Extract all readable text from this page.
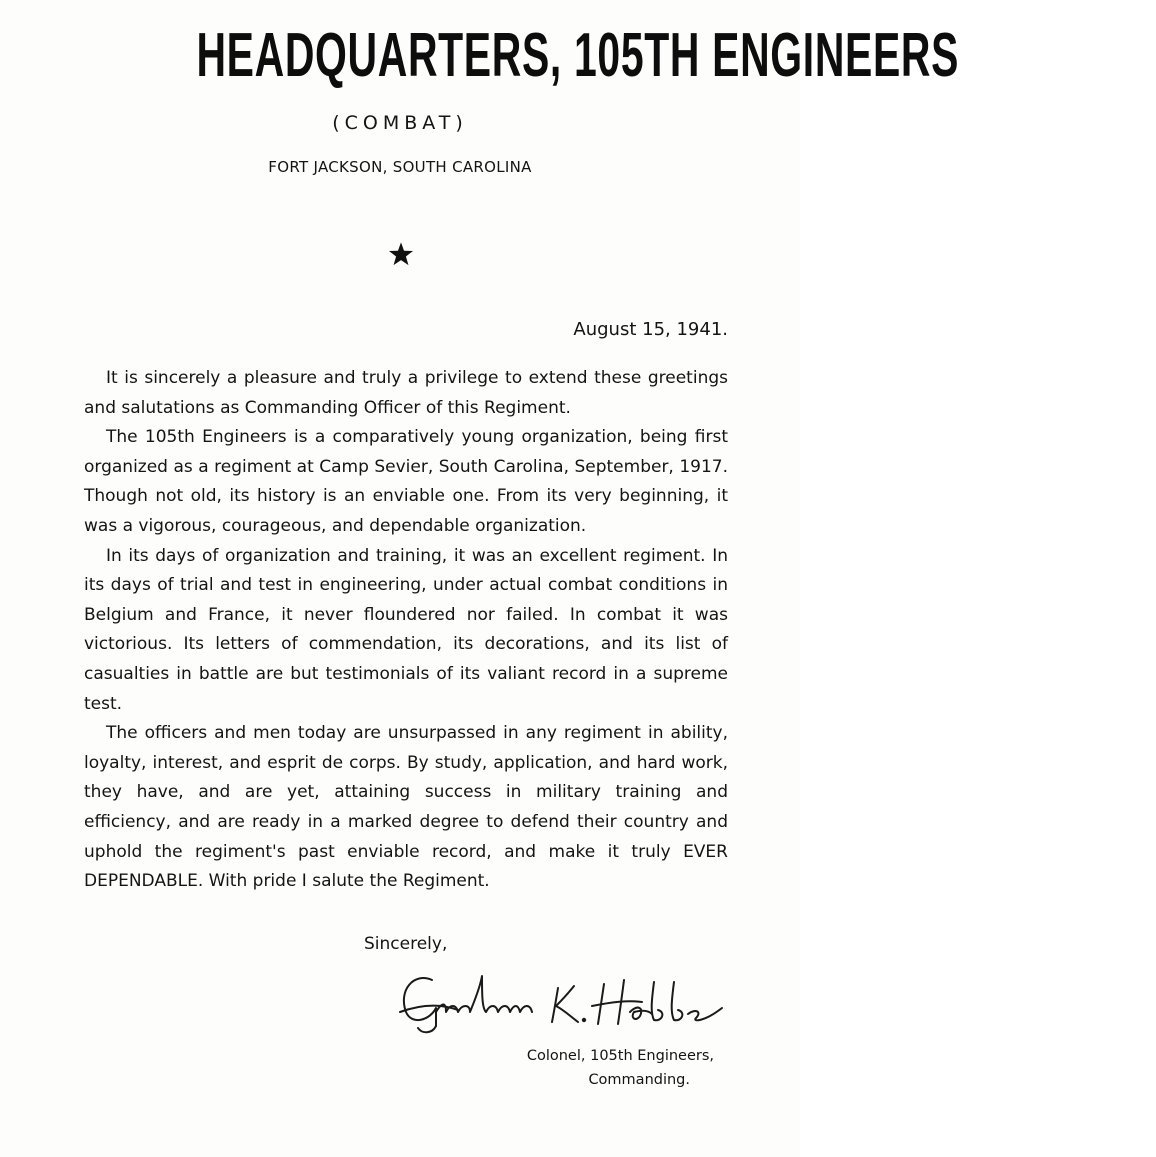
HEADQUARTERS, 105TH ENGINEERS
(COMBAT)
FORT JACKSON, SOUTH CAROLINA
August 15, 1941.

It is sincerely a pleasure and truly a privilege to extend these greetings and salutations as Commanding Officer of this Regiment.

The 105th Engineers is a comparatively young organization, being first organized as a regiment at Camp Sevier, South Carolina, September, 1917. Though not old, its history is an enviable one. From its very beginning, it was a vigorous, courageous, and dependable organization.

In its days of organization and training, it was an excellent regiment. In its days of trial and test in engineering, under actual combat conditions in Belgium and France, it never floundered nor failed. In combat it was victorious. Its letters of commendation, its decorations, and its list of casualties in battle are but testimonials of its valiant record in a supreme test.

The officers and men today are unsurpassed in any regiment in ability, loyalty, interest, and esprit de corps. By study, application, and hard work, they have, and are yet, attaining success in military training and efficiency, and are ready in a marked degree to defend their country and uphold the regiment's past enviable record, and make it truly EVER DEPENDABLE. With pride I salute the Regiment.

Sincerely,
Colonel, 105th Engineers,
Commanding.
